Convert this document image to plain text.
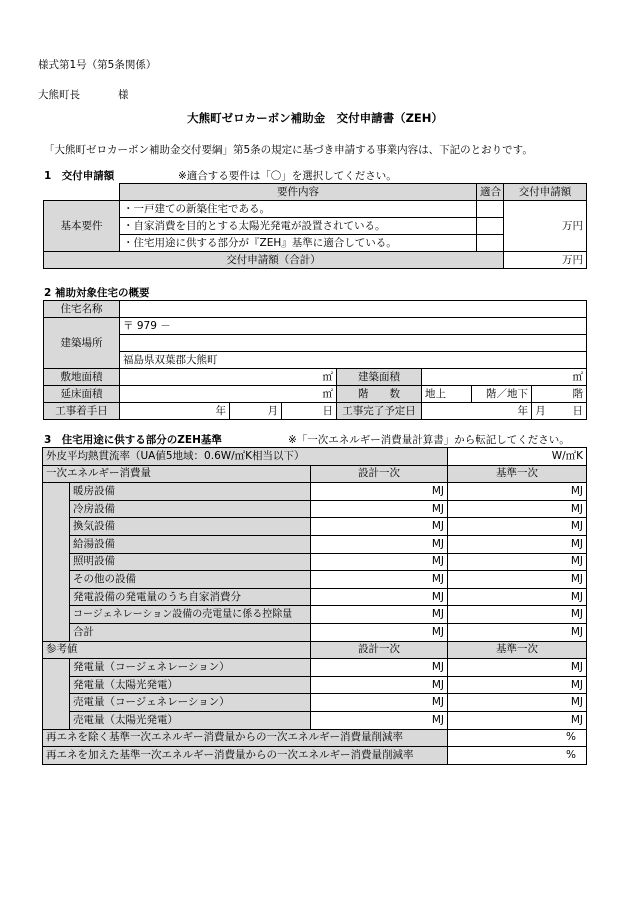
様式第1号（第5条関係）
大熊町長	様
大熊町ゼロカーボン補助金　交付申請書（ZEH）
「大熊町ゼロカーボン補助金交付要綱」第5条の規定に基づき申請する事業内容は、下記のとおりです。
1　交付申請額	※適合する要件は「〇」を選択してください。
	要件内容	適合	交付申請額
基本要件	・一戸建ての新築住宅である。		万円
	・自家消費を目的とする太陽光発電が設置されている。		
	・住宅用途に供する部分が『ZEH』基準に適合している。		
交付申請額（合計）			万円
2 補助対象住宅の概要
住宅名称							
建築場所	〒 979 －						

	福島県双葉郡大熊町						
敷地面積	㎡			建築面積	㎡		
延床面積	㎡			階　　数	地上	階／地下	階
工事着手日	年	月	日	工事完了予定日	年		月 日
3　住宅用途に供する部分のZEH基準	※「一次エネルギー消費量計算書」から転記してください。
外皮平均熱貫流率（UA値5地域：0.6W/㎡K相当以下）			W/㎡K
一次エネルギー消費量		設計一次	基準一次
	暖房設備	MJ	MJ
	冷房設備	MJ	MJ
	換気設備	MJ	MJ
	給湯設備	MJ	MJ
	照明設備	MJ	MJ
	その他の設備	MJ	MJ
	発電設備の発電量のうち自家消費分	MJ	MJ
	コージェネレーション設備の売電量に係る控除量	MJ	MJ
	合計	MJ	MJ
参考値		設計一次	基準一次
	発電量（コージェネレーション）	MJ	MJ
	発電量（太陽光発電）	MJ	MJ
	売電量（コージェネレーション）	MJ	MJ
	売電量（太陽光発電）	MJ	MJ
再エネを除く基準一次エネルギー消費量からの一次エネルギー消費量削減率			%
再エネを加えた基準一次エネルギー消費量からの一次エネルギー消費量削減率			%
